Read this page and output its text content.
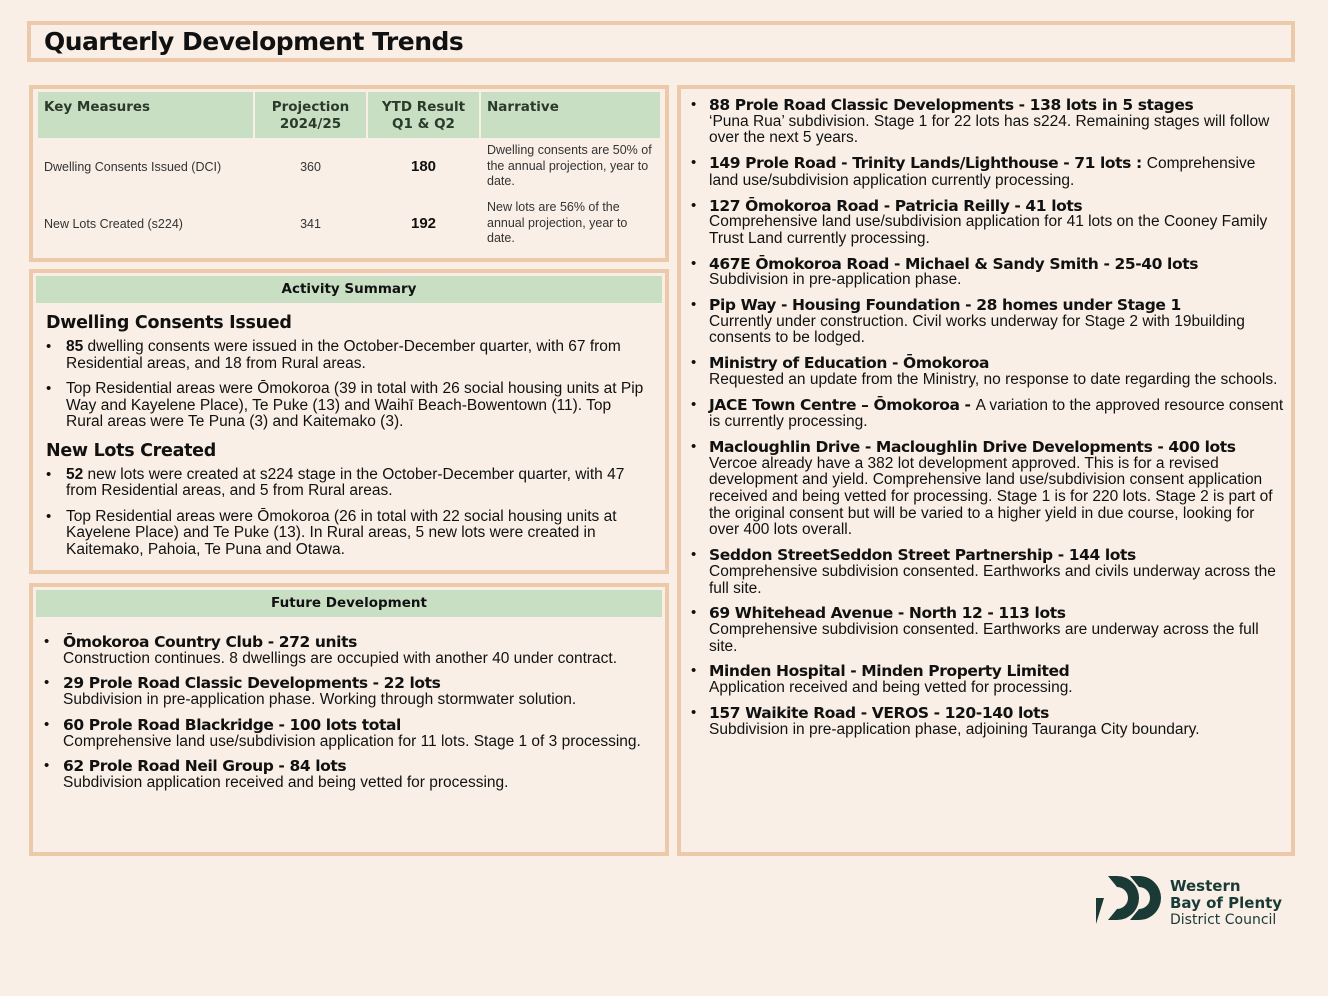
Quarterly Development Trends
Key Measures	Projection 2024/25	YTD Result Q1 & Q2	Narrative
Dwelling Consents Issued (DCI)	360	180	Dwelling consents are 50% of the annual projection, year to date.
New Lots Created (s224)	341	192	New lots are 56% of the annual projection, year to date.
Activity Summary
Dwelling Consents Issued
• 85 dwelling consents were issued in the October-December quarter, with 67 from Residential areas, and 18 from Rural areas.
• Top Residential areas were Ōmokoroa (39 in total with 26 social housing units at Pip Way and Kayelene Place), Te Puke (13) and Waihī Beach-Bowentown (11). Top Rural areas were Te Puna (3) and Kaitemako (3).
New Lots Created
• 52 new lots were created at s224 stage in the October-December quarter, with 47 from Residential areas, and 5 from Rural areas.
• Top Residential areas were Ōmokoroa (26 in total with 22 social housing units at Kayelene Place) and Te Puke (13). In Rural areas, 5 new lots were created in Kaitemako, Pahoia, Te Puna and Otawa.
Future Development
• Ōmokoroa Country Club - 272 units
Construction continues. 8 dwellings are occupied with another 40 under contract.
• 29 Prole Road Classic Developments - 22 lots
Subdivision in pre-application phase. Working through stormwater solution.
• 60 Prole Road Blackridge - 100 lots total
Comprehensive land use/subdivision application for 11 lots. Stage 1 of 3 processing.
• 62 Prole Road Neil Group - 84 lots
Subdivision application received and being vetted for processing.
• 88 Prole Road Classic Developments - 138 lots in 5 stages
‘Puna Rua’ subdivision. Stage 1 for 22 lots has s224. Remaining stages will follow over the next 5 years.
• 149 Prole Road - Trinity Lands/Lighthouse - 71 lots : Comprehensive land use/subdivision application currently processing.
• 127 Ōmokoroa Road - Patricia Reilly - 41 lots
Comprehensive land use/subdivision application for 41 lots on the Cooney Family Trust Land currently processing.
• 467E Ōmokoroa Road - Michael & Sandy Smith - 25-40 lots
Subdivision in pre-application phase.
• Pip Way - Housing Foundation - 28 homes under Stage 1
Currently under construction. Civil works underway for Stage 2 with 19building consents to be lodged.
• Ministry of Education - Ōmokoroa
Requested an update from the Ministry, no response to date regarding the schools.
• JACE Town Centre – Ōmokoroa - A variation to the approved resource consent is currently processing.
• Macloughlin Drive - Macloughlin Drive Developments - 400 lots
Vercoe already have a 382 lot development approved. This is for a revised development and yield. Comprehensive land use/subdivision consent application received and being vetted for processing. Stage 1 is for 220 lots. Stage 2 is part of the original consent but will be varied to a higher yield in due course, looking for over 400 lots overall.
• Seddon StreetSeddon Street Partnership - 144 lots
Comprehensive subdivision consented. Earthworks and civils underway across the full site.
• 69 Whitehead Avenue - North 12 - 113 lots
Comprehensive subdivision consented. Earthworks are underway across the full site.
• Minden Hospital - Minden Property Limited
Application received and being vetted for processing.
• 157 Waikite Road - VEROS - 120-140 lots
Subdivision in pre-application phase, adjoining Tauranga City boundary.
Western
Bay of Plenty
District Council
